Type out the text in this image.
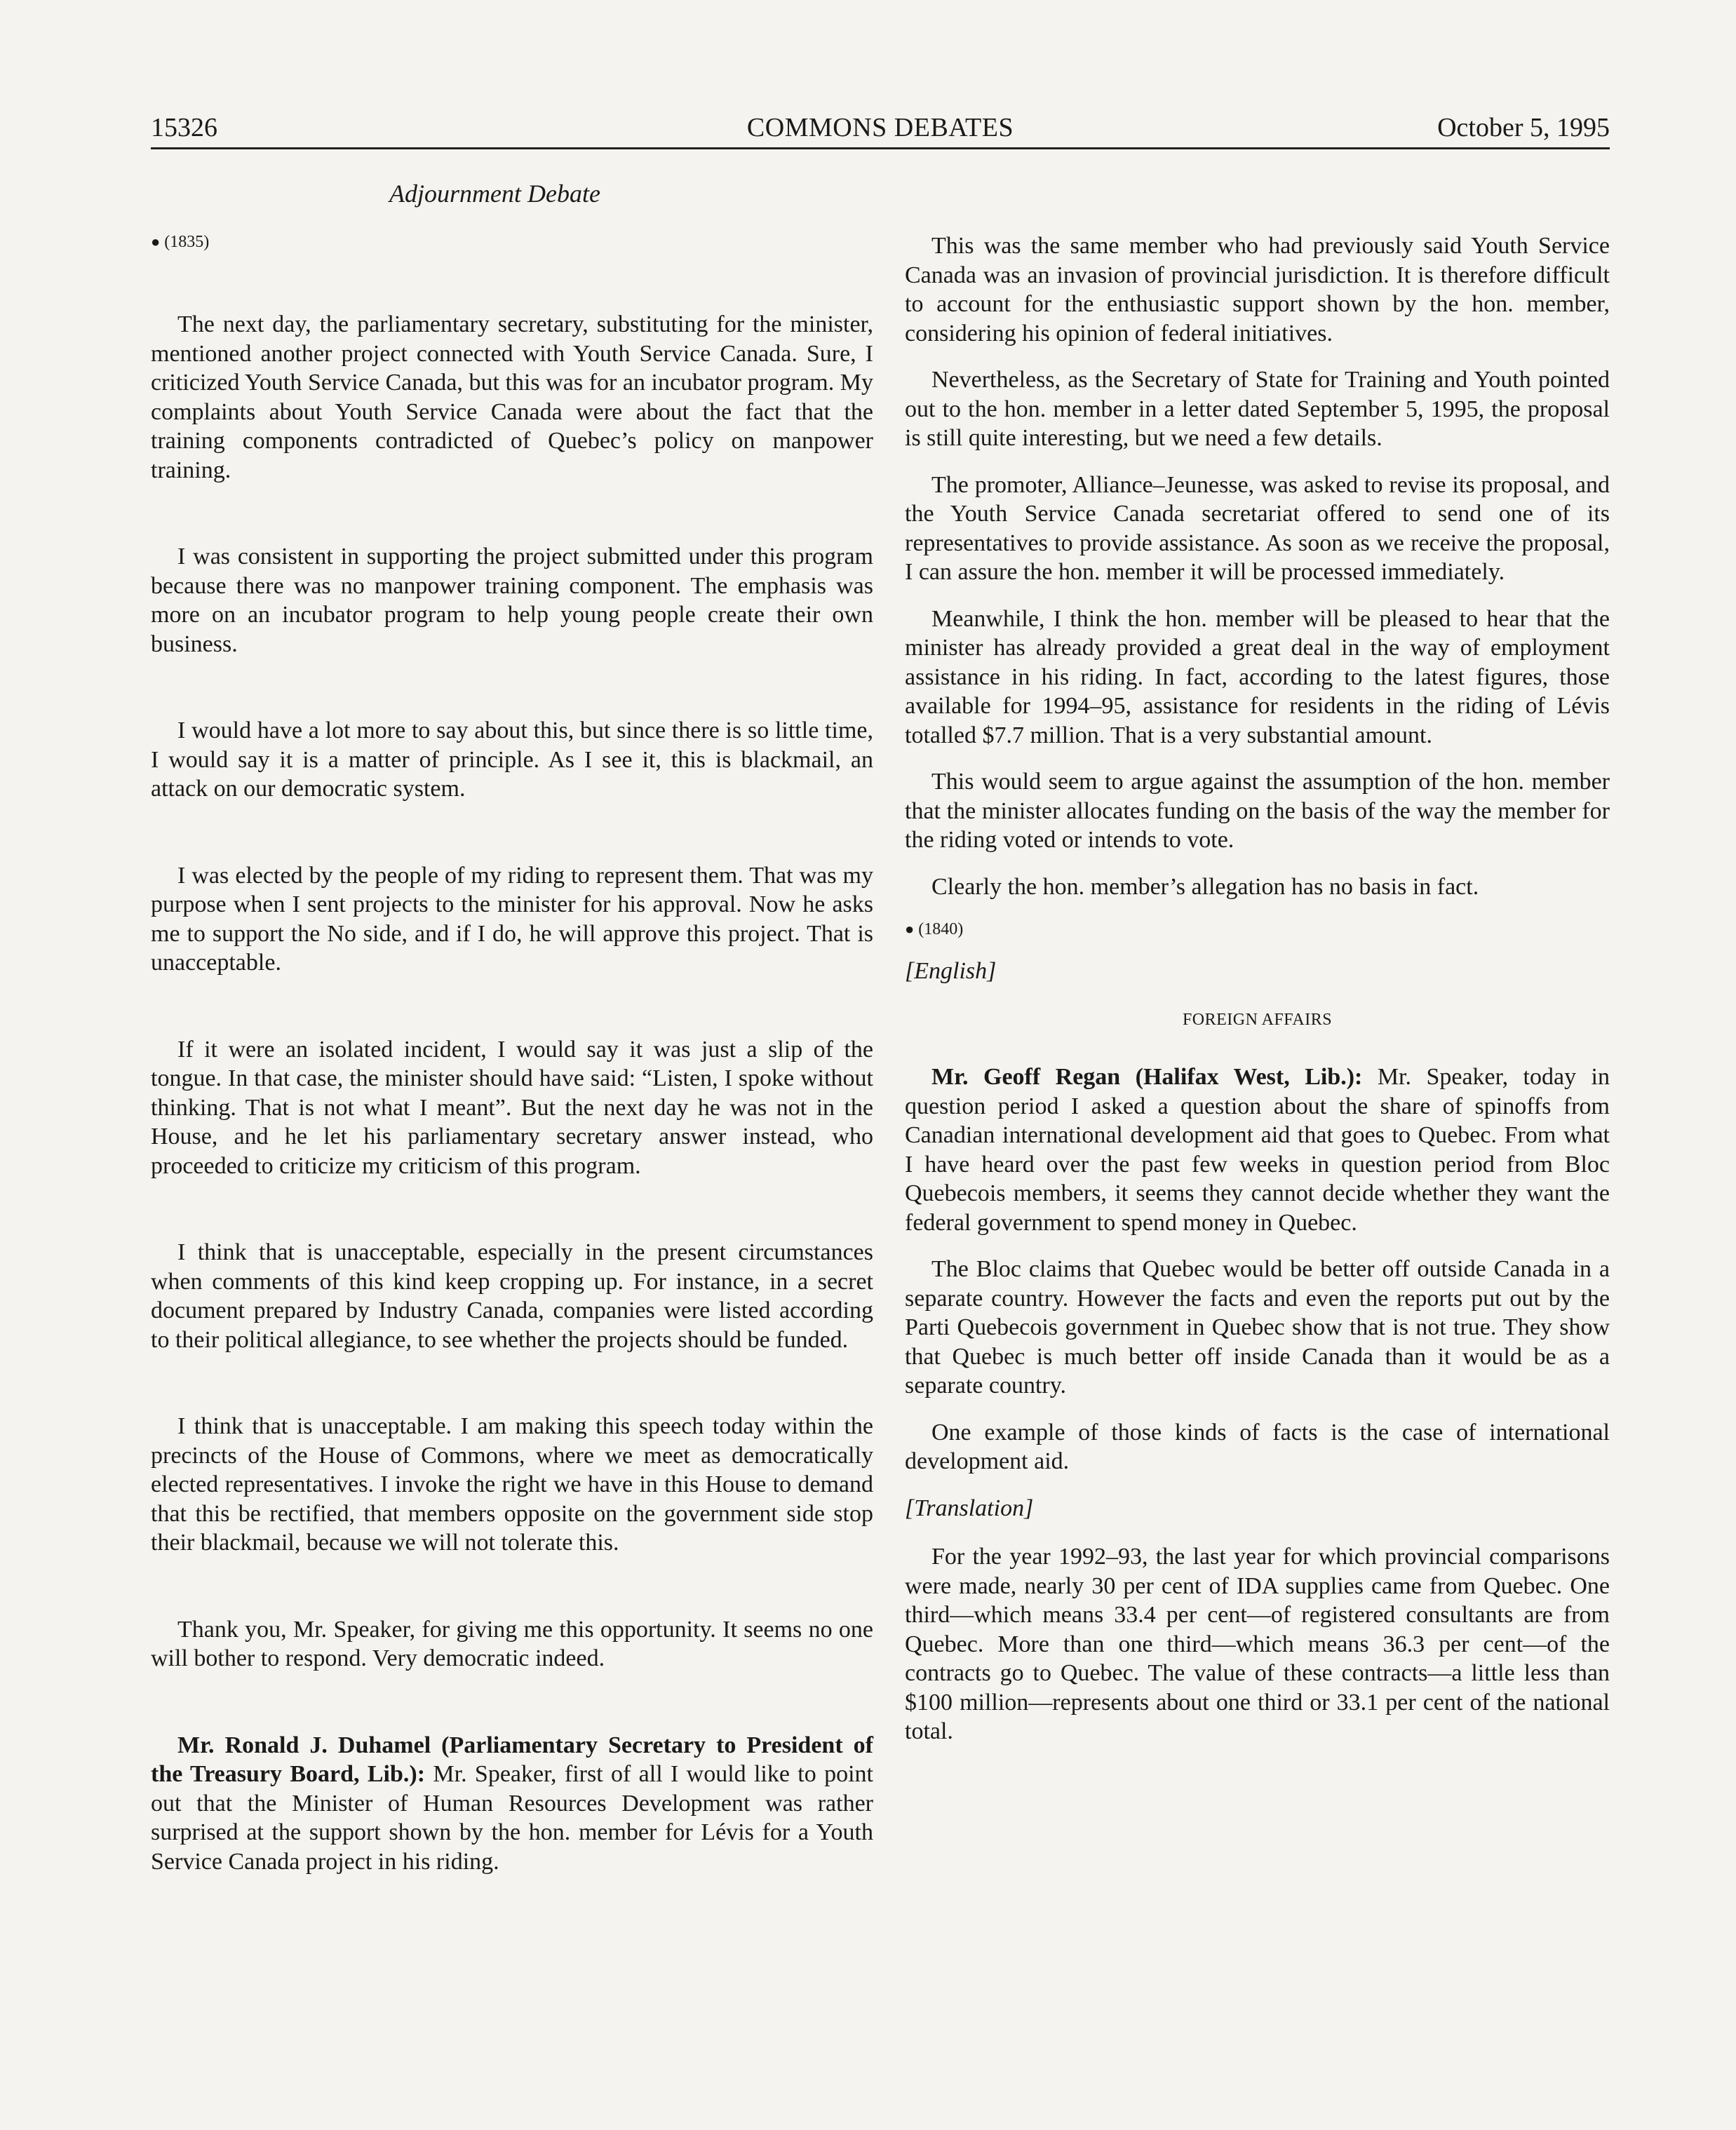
15326	COMMONS DEBATES	October 5, 1995
Adjournment Debate
● (1835)

The next day, the parliamentary secretary, substituting for the minister, mentioned another project connected with Youth Service Canada. Sure, I criticized Youth Service Canada, but this was for an incubator program. My complaints about Youth Service Canada were about the fact that the training components contradicted of Quebec’s policy on manpower training.

I was consistent in supporting the project submitted under this program because there was no manpower training component. The emphasis was more on an incubator program to help young people create their own business.

I would have a lot more to say about this, but since there is so little time, I would say it is a matter of principle. As I see it, this is blackmail, an attack on our democratic system.

I was elected by the people of my riding to represent them. That was my purpose when I sent projects to the minister for his approval. Now he asks me to support the No side, and if I do, he will approve this project. That is unacceptable.

If it were an isolated incident, I would say it was just a slip of the tongue. In that case, the minister should have said: “Listen, I spoke without thinking. That is not what I meant”. But the next day he was not in the House, and he let his parliamentary secretary answer instead, who proceeded to criticize my criticism of this program.

I think that is unacceptable, especially in the present circumstances when comments of this kind keep cropping up. For instance, in a secret document prepared by Industry Canada, companies were listed according to their political allegiance, to see whether the projects should be funded.

I think that is unacceptable. I am making this speech today within the precincts of the House of Commons, where we meet as democratically elected representatives. I invoke the right we have in this House to demand that this be rectified, that members opposite on the government side stop their blackmail, because we will not tolerate this.

Thank you, Mr. Speaker, for giving me this opportunity. It seems no one will bother to respond. Very democratic indeed.

Mr. Ronald J. Duhamel (Parliamentary Secretary to President of the Treasury Board, Lib.): Mr. Speaker, first of all I would like to point out that the Minister of Human Resources Development was rather surprised at the support shown by the hon. member for Lévis for a Youth Service Canada project in his riding.

This was the same member who had previously said Youth Service Canada was an invasion of provincial jurisdiction. It is therefore difficult to account for the enthusiastic support shown by the hon. member, considering his opinion of federal initiatives.

Nevertheless, as the Secretary of State for Training and Youth pointed out to the hon. member in a letter dated September 5, 1995, the proposal is still quite interesting, but we need a few details.

The promoter, Alliance–Jeunesse, was asked to revise its proposal, and the Youth Service Canada secretariat offered to send one of its representatives to provide assistance. As soon as we receive the proposal, I can assure the hon. member it will be processed immediately.

Meanwhile, I think the hon. member will be pleased to hear that the minister has already provided a great deal in the way of employment assistance in his riding. In fact, according to the latest figures, those available for 1994–95, assistance for residents in the riding of Lévis totalled $7.7 million. That is a very substantial amount.

This would seem to argue against the assumption of the hon. member that the minister allocates funding on the basis of the way the member for the riding voted or intends to vote.

Clearly the hon. member’s allegation has no basis in fact.

● (1840)
[English]
FOREIGN AFFAIRS

Mr. Geoff Regan (Halifax West, Lib.): Mr. Speaker, today in question period I asked a question about the share of spinoffs from Canadian international development aid that goes to Quebec. From what I have heard over the past few weeks in question period from Bloc Quebecois members, it seems they cannot decide whether they want the federal government to spend money in Quebec.

The Bloc claims that Quebec would be better off outside Canada in a separate country. However the facts and even the reports put out by the Parti Quebecois government in Quebec show that is not true. They show that Quebec is much better off inside Canada than it would be as a separate country.

One example of those kinds of facts is the case of international development aid.

[Translation]

For the year 1992–93, the last year for which provincial comparisons were made, nearly 30 per cent of IDA supplies came from Quebec. One third—which means 33.4 per cent—of registered consultants are from Quebec. More than one third—which means 36.3 per cent—of the contracts go to Quebec. The value of these contracts—a little less than $100 million—represents about one third or 33.1 per cent of the national total.
